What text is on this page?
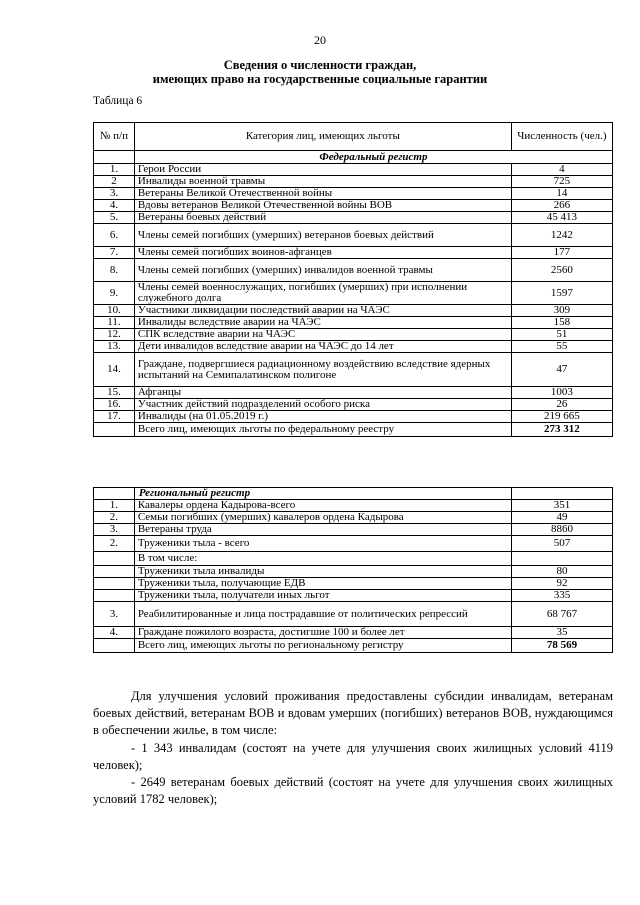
20
Сведения о численности граждан,
имеющих право на государственные социальные гарантии
Таблица 6
№ п/п	Категория лиц, имеющих льготы	Численность (чел.)
	Федеральный регистр	
1.	Герои России	4
2	Инвалиды военной травмы	725
3.	Ветераны Великой Отечественной войны	14
4.	Вдовы ветеранов Великой Отечественной войны ВОВ	266
5.	Ветераны боевых действий	45 413
6.	Члены семей погибших (умерших) ветеранов боевых действий	1242
7.	Члены семей погибших воинов-афганцев	177
8.	Члены семей погибших (умерших) инвалидов военной травмы	2560
9.	Члены семей военнослужащих, погибших (умерших) при исполнении служебного долга	1597
10.	Участники ликвидации последствий аварии на ЧАЭС	309
11.	Инвалиды вследствие аварии на ЧАЭС	158
12.	СПК вследствие аварии на ЧАЭС	51
13.	Дети инвалидов вследствие аварии на ЧАЭС до 14 лет	55
14.	Граждане, подвергшиеся радиационному воздействию вследствие ядерных испытаний на Семипалатинском полигоне	47
15.	Афганцы	1003
16.	Участник действий подразделений особого риска	26
17.	Инвалиды (на 01.05.2019 г.)	219 665
	Всего лиц, имеющих льготы по федеральному реестру	273 312
	Региональный регистр	
1.	Кавалеры ордена Кадырова-всего	351
2.	Семьи погибших (умерших) кавалеров ордена Кадырова	49
3.	Ветераны труда	8860
2.	Труженики тыла - всего	507
	В том числе:	
	Труженики тыла инвалиды	80
	Труженики тыла, получающие ЕДВ	92
	Труженики тыла, получатели иных льгот	335
3.	Реабилитированные и лица пострадавшие от политических репрессий	68 767
4.	Граждане пожилого возраста, достигшие 100 и более лет	35
	Всего лиц, имеющих льготы по региональному регистру	78 569
Для улучшения условий проживания предоставлены субсидии инвалидам, ветеранам боевых действий, ветеранам ВОВ и вдовам умерших (погибших) ветеранов ВОВ, нуждающимся в обеспечении жилье, в том числе:
- 1 343 инвалидам (состоят на учете для улучшения своих жилищных условий 4119 человек);
- 2649 ветеранам боевых действий (состоят на учете для улучшения своих жилищных условий 1782 человек);
